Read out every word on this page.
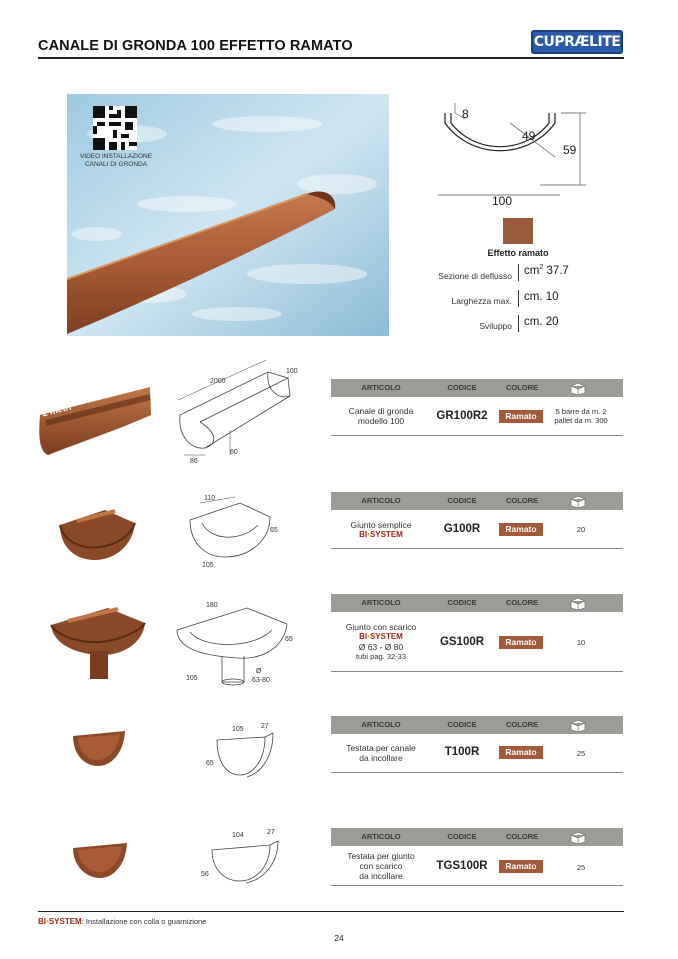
CANALE DI GRONDA 100 EFFETTO RAMATO	CUPRÆLITE
VIDEO INSTALLAZIONE
CANALI DI GRONDA
8
49
59
100
Effetto ramato
Sezione di deflusso $cm^2$ 37.7
Larghezza max. cm. 10
Sviluppo cm. 20
2 metri
2000
100
60
86
ARTICOLO	CODICE	COLORE
Canale di gronda
modello 100	GR100R2	Ramato	5 barre da m. 2
pallet da m. 300
110
65
105
ARTICOLO	CODICE	COLORE
Giunto semplice
BI•SYSTEM	G100R	Ramato	20
180
65
105
Ø
63-80
ARTICOLO	CODICE	COLORE
Giunto con scarico
BI•SYSTEM
Ø 63 - Ø 80
tubi pag. 32-33
GS100R	Ramato	10
105 27
65
ARTICOLO	CODICE	COLORE
Testata per canale
da incollare	T100R	Ramato	25
104	27
56
ARTICOLO	CODICE	COLORE
Testata per giunto
con scarico
da incollare
TGS100R	Ramato	25
BI•SYSTEM: Installazione con colla o guarnizione
24
